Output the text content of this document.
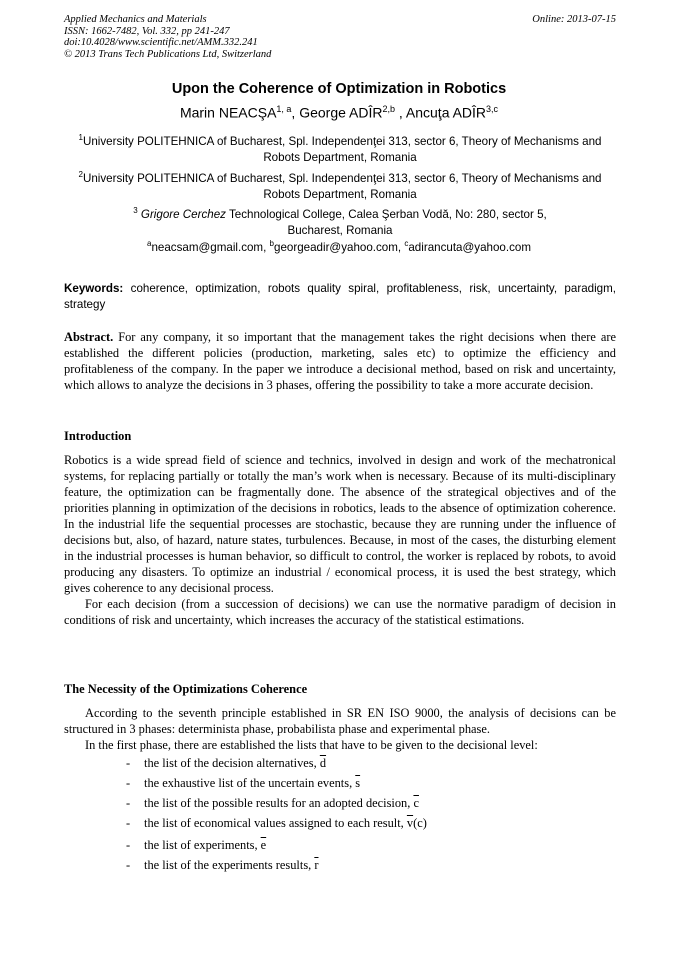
Applied Mechanics and Materials
ISSN: 1662-7482, Vol. 332, pp 241-247
doi:10.4028/www.scientific.net/AMM.332.241
© 2013 Trans Tech Publications Ltd, Switzerland
Online: 2013-07-15
Upon the Coherence of Optimization in Robotics
Marin NEACŞA$^{1, a}$, George ADÎR$^{2,b}$ , Ancuţa ADÎR$^{3,c}$
$^1$University POLITEHNICA of Bucharest, Spl. Independenţei 313, sector 6, Theory of Mechanisms and Robots Department, Romania
$^2$University POLITEHNICA of Bucharest, Spl. Independenţei 313, sector 6, Theory of Mechanisms and Robots Department, Romania
$^3$ Grigore Cerchez Technological College, Calea Şerban Vodă, No: 280, sector 5, Bucharest, Romania
$^a$neacsam@gmail.com, $^b$georgeadir@yahoo.com, $^c$adirancuta@yahoo.com
Keywords: coherence, optimization, robots quality spiral, profitableness, risk, uncertainty, paradigm, strategy

Abstract. For any company, it so important that the management takes the right decisions when there are established the different policies (production, marketing, sales etc) to optimize the efficiency and profitableness of the company. In the paper we introduce a decisional method, based on risk and uncertainty, which allows to analyze the decisions in 3 phases, offering the possibility to take a more accurate decision.

Introduction

Robotics is a wide spread field of science and technics, involved in design and work of the mechatronical systems, for replacing partially or totally the man’s work when is necessary. Because of its multi-disciplinary feature, the optimization can be fragmentally done. The absence of the strategical objectives and of the priorities planning in optimization of the decisions in robotics, leads to the absence of optimization coherence. In the industrial life the sequential processes are stochastic, because they are running under the influence of decisions but, also, of hazard, nature states, turbulences. Because, in most of the cases, the disturbing element in the industrial processes is human behavior, so difficult to control, the worker is replaced by robots, to avoid producing any disasters. To optimize an industrial / economical process, it is used the best strategy, which gives coherence to any decisional process.

For each decision (from a succession of decisions) we can use the normative paradigm of decision in conditions of risk and uncertainty, which increases the accuracy of the statistical estimations.

The Necessity of the Optimizations Coherence

According to the seventh principle established in SR EN ISO 9000, the analysis of decisions can be structured in 3 phases: determinista phase, probabilista phase and experimental phase.

In the first phase, there are established the lists that have to be given to the decisional level:

- the list of the decision alternatives, $\overline{d}$
- the exhaustive list of the uncertain events, $\overline{s}$
- the list of the possible results for an adopted decision, $\overline{c}$
- the list of economical values assigned to each result, $\overline{v}(c)$
- the list of experiments, $\overline{e}$
- the list of the experiments results, $\overline{r}$
